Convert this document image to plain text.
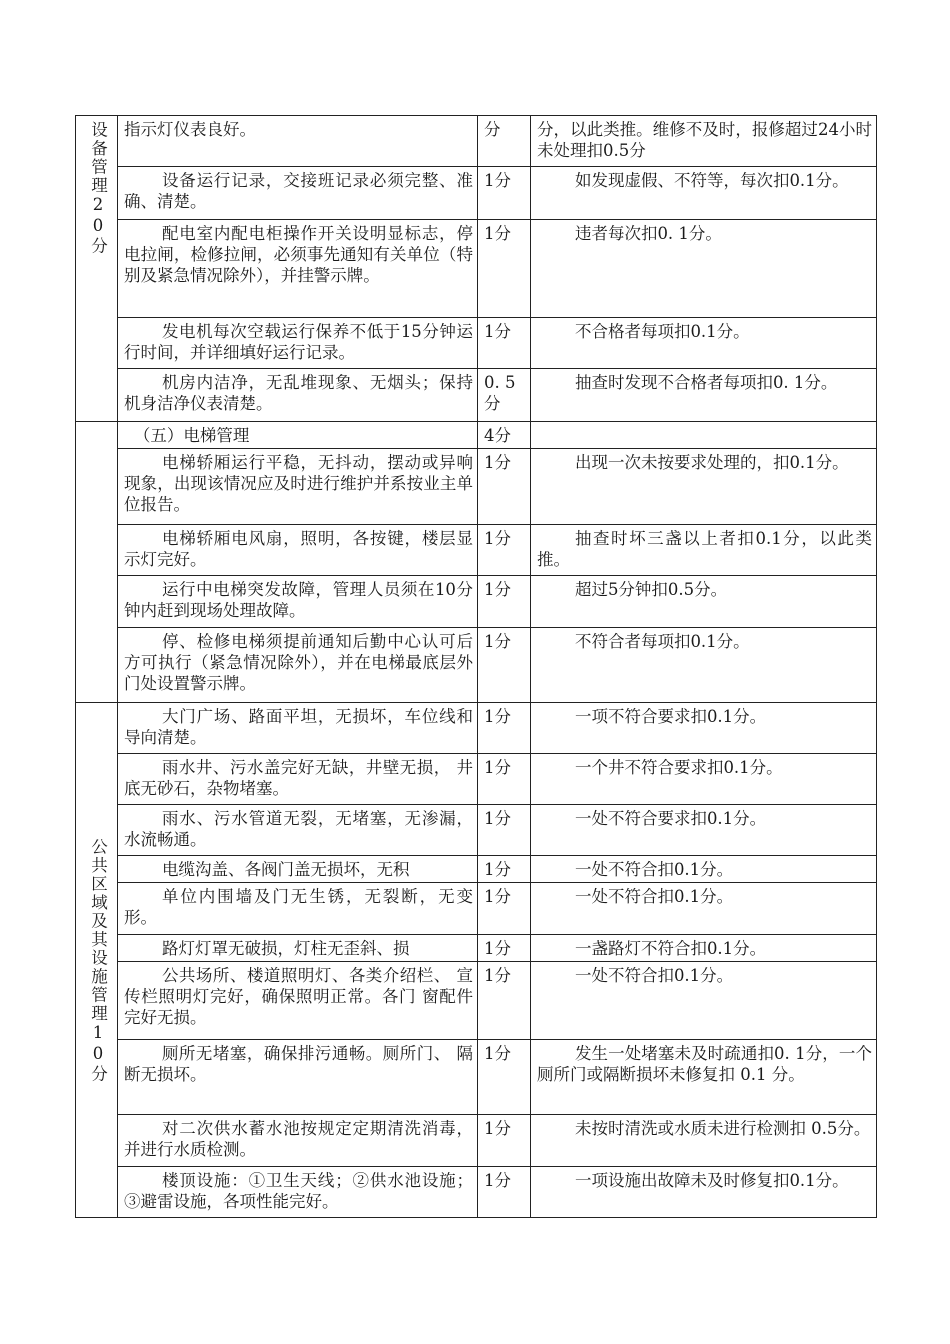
设备管理20分	指示灯仪表良好。	分	分，以此类推。维修不及时，报修超过24小时未处理扣0.5分
	设备运行记录，交接班记录必须完整、准确、清楚。	1分	如发现虚假、不符等，每次扣0.1分。
	配电室内配电柜操作开关设明显标志，停电拉闸，检修拉闸，必须事先通知有关单位（特别及紧急情况除外），并挂警示牌。	1分	违者每次扣0. 1分。
	发电机每次空载运行保养不低于15分钟运行时间，并详细填好运行记录。	1分	不合格者每项扣0.1分。
	机房内洁净，无乱堆现象、无烟头；保持机身洁净仪表清楚。	0. 5分	抽查时发现不合格者每项扣0. 1分。
	（五）电梯管理	4分	
	电梯轿厢运行平稳，无抖动，摆动或异响现象，出现该情况应及时进行维护并系按业主单位报告。	1分	出现一次未按要求处理的，扣0.1分。
	电梯轿厢电风扇，照明，各按键，楼层显示灯完好。	1分	抽查时坏三盏以上者扣0.1分，以此类推。
	运行中电梯突发故障，管理人员须在10分钟内赶到现场处理故障。	1分	超过5分钟扣0.5分。
	停、检修电梯须提前通知后勤中心认可后方可执行（紧急情况除外），并在电梯最底层外门处设置警示牌。	1分	不符合者每项扣0.1分。

公共区域及其设施管理10分	大门广场、路面平坦，无损坏，车位线和导向清楚。	1分	一项不符合要求扣0.1分。
	雨水井、污水盖完好无缺，井壁无损， 井底无砂石，杂物堵塞。	1分	一个井不符合要求扣0.1分。
	雨水、污水管道无裂，无堵塞，无渗漏，水流畅通。	1分	一处不符合要求扣0.1分。

	电缆沟盖、各阀门盖无损坏，无积	1分	一处不符合扣0.1分。
	单位内围墙及门无生锈，无裂断，无变形。	1分	一处不符合扣0.1分。

	路灯灯罩无破损，灯柱无歪斜、损	1分	一盏路灯不符合扣0.1分。
	公共场所、楼道照明灯、各类介绍栏、 宣传栏照明灯完好，确保照明正常。各门 窗配件完好无损。	1分	一处不符合扣0.1分。
	厕所无堵塞，确保排污通畅。厕所门、 隔断无损坏。	1分	发生一处堵塞未及时疏通扣0. 1分，一个厕所门或隔断损坏未修复扣 0.1 分。
	对二次供水蓄水池按规定定期清洗消毒，并进行水质检测。	1分	未按时清洗或水质未进行检测扣 0.5分。
	楼顶设施：①卫生天线；②供水池设施；③避雷设施，各项性能完好。	1分	一项设施出故障未及时修复扣0.1分。
